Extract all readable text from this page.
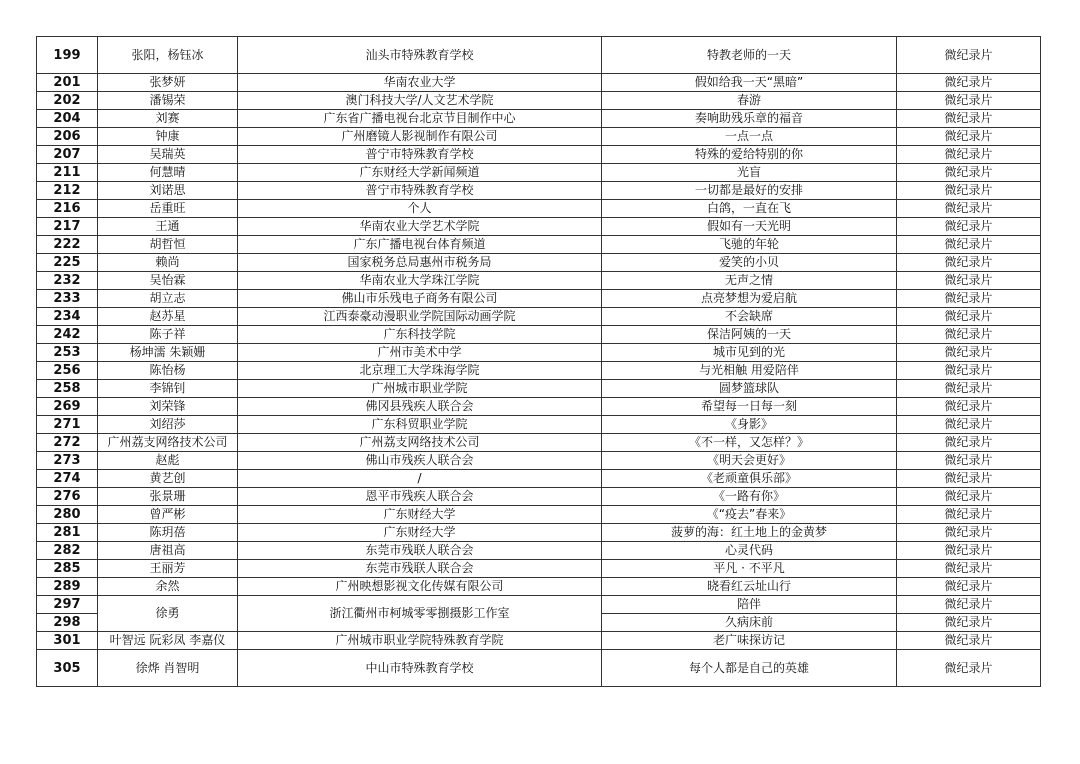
199	张阳，杨钰冰	汕头市特殊教育学校	特教老师的一天	微纪录片
201	张梦妍	华南农业大学	假如给我一天“黑暗”	微纪录片
202	潘锡荣	澳门科技大学/人文艺术学院	春游	微纪录片
204	刘赛	广东省广播电视台北京节目制作中心	奏响助残乐章的福音	微纪录片
206	钟康	广州磨镜人影视制作有限公司	一点一点	微纪录片
207	吴瑞英	普宁市特殊教育学校	特殊的爱给特别的你	微纪录片
211	何慧晴	广东财经大学新闻频道	光盲	微纪录片
212	刘诺思	普宁市特殊教育学校	一切都是最好的安排	微纪录片
216	岳重旺	个人	白鸽，一直在飞	微纪录片
217	王通	华南农业大学艺术学院	假如有一天光明	微纪录片
222	胡哲恒	广东广播电视台体育频道	飞驰的年轮	微纪录片
225	赖尚	国家税务总局惠州市税务局	爱笑的小贝	微纪录片
232	吴怡霖	华南农业大学珠江学院	无声之情	微纪录片
233	胡立志	佛山市乐残电子商务有限公司	点亮梦想为爱启航	微纪录片
234	赵苏星	江西泰豪动漫职业学院国际动画学院	不会缺席	微纪录片
242	陈子祥	广东科技学院	保洁阿姨的一天	微纪录片
253	杨坤濡 朱颖姗	广州市美术中学	城市见到的光	微纪录片
256	陈怡杨	北京理工大学珠海学院	与光相触 用爱陪伴	微纪录片
258	李锦钊	广州城市职业学院	圆梦篮球队	微纪录片
269	刘荣锋	佛冈县残疾人联合会	希望每一日每一刻	微纪录片
271	刘绍莎	广东科贸职业学院	《身影》	微纪录片
272	广州荔支网络技术公司	广州荔支网络技术公司	《不一样，又怎样？》	微纪录片
273	赵彪	佛山市残疾人联合会	《明天会更好》	微纪录片
274	黄艺创	/	《老顽童俱乐部》	微纪录片
276	张景珊	恩平市残疾人联合会	《一路有你》	微纪录片
280	曾严彬	广东财经大学	《“疫去”春来》	微纪录片
281	陈玥蓓	广东财经大学	菠萝的海：红土地上的金黄梦	微纪录片
282	唐祖高	东莞市残联人联合会	心灵代码	微纪录片
285	王丽芳	东莞市残联人联合会	平凡 · 不平凡	微纪录片
289	余然	广州映想影视文化传媒有限公司	晓看红云址山行	微纪录片
297	徐勇	浙江衢州市柯城零零捌摄影工作室	陪伴	微纪录片
298			久病床前	微纪录片
301	叶智远 阮彩凤 李嘉仪	广州城市职业学院特殊教育学院	老广味探访记	微纪录片
305	徐烨 肖智明	中山市特殊教育学校	每个人都是自己的英雄	微纪录片
